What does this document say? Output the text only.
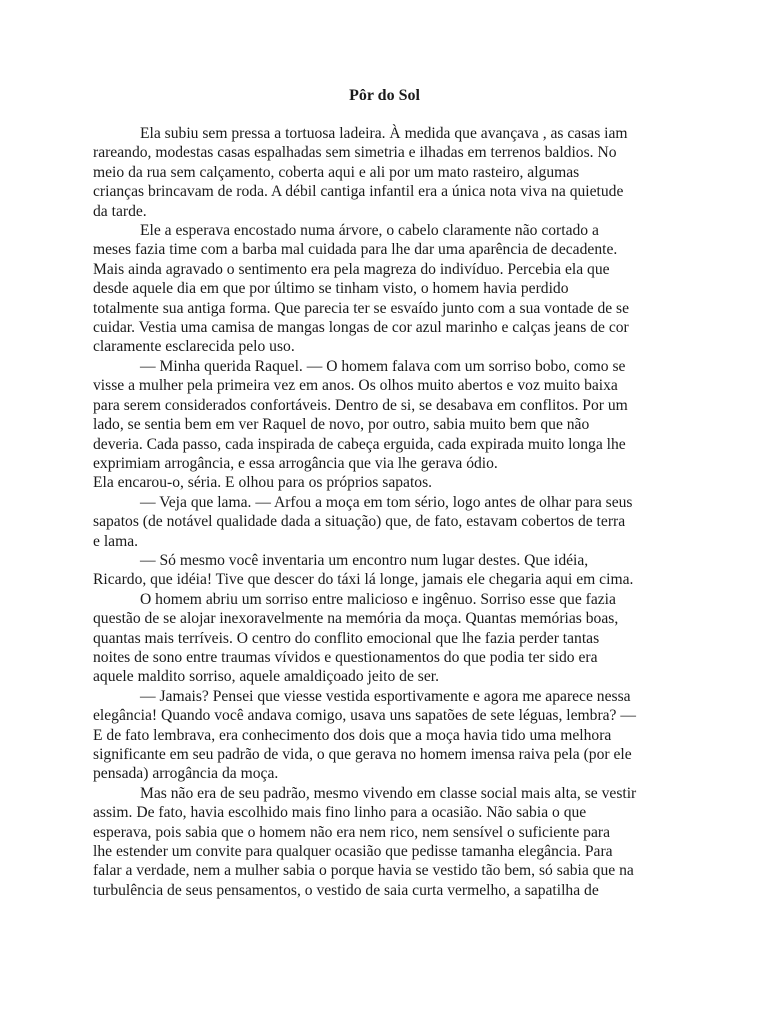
Pôr do Sol
Ela subiu sem pressa a tortuosa ladeira. À medida que avançava , as casas iam
rareando, modestas casas espalhadas sem simetria e ilhadas em terrenos baldios. No
meio da rua sem calçamento, coberta aqui e ali por um mato rasteiro, algumas
crianças brincavam de roda. A débil cantiga infantil era a única nota viva na quietude
da tarde.
Ele a esperava encostado numa árvore, o cabelo claramente não cortado a
meses fazia time com a barba mal cuidada para lhe dar uma aparência de decadente.
Mais ainda agravado o sentimento era pela magreza do indivíduo. Percebia ela que
desde aquele dia em que por último se tinham visto, o homem havia perdido
totalmente sua antiga forma. Que parecia ter se esvaído junto com a sua vontade de se
cuidar. Vestia uma camisa de mangas longas de cor azul marinho e calças jeans de cor
claramente esclarecida pelo uso.
— Minha querida Raquel. — O homem falava com um sorriso bobo, como se
visse a mulher pela primeira vez em anos. Os olhos muito abertos e voz muito baixa
para serem considerados confortáveis. Dentro de si, se desabava em conflitos. Por um
lado, se sentia bem em ver Raquel de novo, por outro, sabia muito bem que não
deveria. Cada passo, cada inspirada de cabeça erguida, cada expirada muito longa lhe
exprimiam arrogância, e essa arrogância que via lhe gerava ódio.
Ela encarou-o, séria. E olhou para os próprios sapatos.
— Veja que lama. — Arfou a moça em tom sério, logo antes de olhar para seus
sapatos (de notável qualidade dada a situação) que, de fato, estavam cobertos de terra
e lama.
— Só mesmo você inventaria um encontro num lugar destes. Que idéia,
Ricardo, que idéia! Tive que descer do táxi lá longe, jamais ele chegaria aqui em cima.
O homem abriu um sorriso entre malicioso e ingênuo. Sorriso esse que fazia
questão de se alojar inexoravelmente na memória da moça. Quantas memórias boas,
quantas mais terríveis. O centro do conflito emocional que lhe fazia perder tantas
noites de sono entre traumas vívidos e questionamentos do que podia ter sido era
aquele maldito sorriso, aquele amaldiçoado jeito de ser.
— Jamais? Pensei que viesse vestida esportivamente e agora me aparece nessa
elegância! Quando você andava comigo, usava uns sapatões de sete léguas, lembra? —
E de fato lembrava, era conhecimento dos dois que a moça havia tido uma melhora
significante em seu padrão de vida, o que gerava no homem imensa raiva pela (por ele
pensada) arrogância da moça.
Mas não era de seu padrão, mesmo vivendo em classe social mais alta, se vestir
assim. De fato, havia escolhido mais fino linho para a ocasião. Não sabia o que
esperava, pois sabia que o homem não era nem rico, nem sensível o suficiente para
lhe estender um convite para qualquer ocasião que pedisse tamanha elegância. Para
falar a verdade, nem a mulher sabia o porque havia se vestido tão bem, só sabia que na
turbulência de seus pensamentos, o vestido de saia curta vermelho, a sapatilha de
